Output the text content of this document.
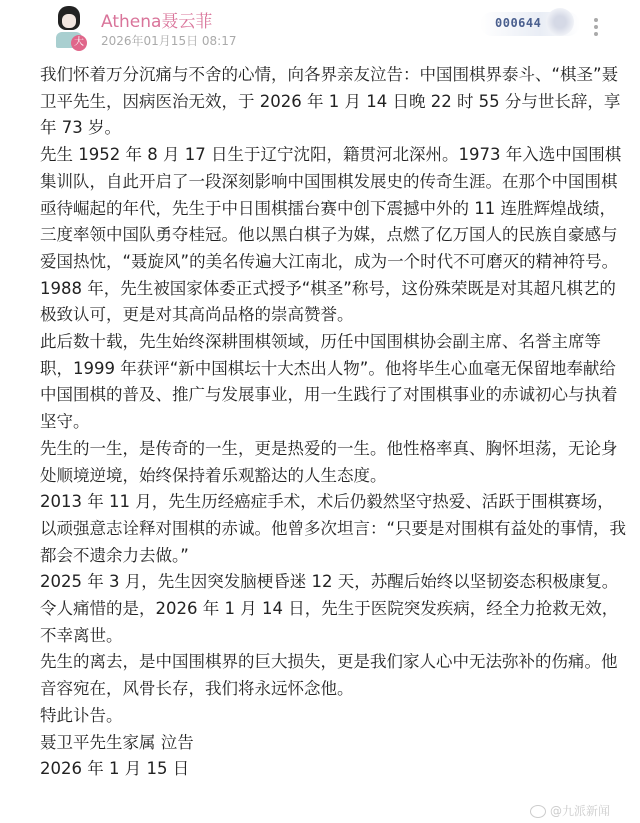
大
Athena聂云菲
2026年01月15日 08:17
000644

我们怀着万分沉痛与不舍的心情，向各界亲友泣告：中国围棋界泰斗、“棋圣”聂卫平先生，因病医治无效，于 2026 年 1 月 14 日晚 22 时 55 分与世长辞，享年 73 岁。

先生 1952 年 8 月 17 日生于辽宁沈阳，籍贯河北深州。1973 年入选中国围棋集训队，自此开启了一段深刻影响中国围棋发展史的传奇生涯。在那个中国围棋亟待崛起的年代，先生于中日围棋擂台赛中创下震撼中外的 11 连胜辉煌战绩，三度率领中国队勇夺桂冠。他以黑白棋子为媒，点燃了亿万国人的民族自豪感与爱国热忱，“聂旋风”的美名传遍大江南北，成为一个时代不可磨灭的精神符号。1988 年，先生被国家体委正式授予“棋圣”称号，这份殊荣既是对其超凡棋艺的极致认可，更是对其高尚品格的崇高赞誉。

此后数十载，先生始终深耕围棋领域，历任中国围棋协会副主席、名誉主席等职，1999 年获评“新中国棋坛十大杰出人物”。他将毕生心血毫无保留地奉献给中国围棋的普及、推广与发展事业，用一生践行了对围棋事业的赤诚初心与执着坚守。

先生的一生，是传奇的一生，更是热爱的一生。他性格率真、胸怀坦荡，无论身处顺境逆境，始终保持着乐观豁达的人生态度。

2013 年 11 月，先生历经癌症手术，术后仍毅然坚守热爱、活跃于围棋赛场，以顽强意志诠释对围棋的赤诚。他曾多次坦言：“只要是对围棋有益处的事情，我都会不遗余力去做。”

2025 年 3 月，先生因突发脑梗昏迷 12 天，苏醒后始终以坚韧姿态积极康复。

令人痛惜的是，2026 年 1 月 14 日，先生于医院突发疾病，经全力抢救无效，不幸离世。

先生的离去，是中国围棋界的巨大损失，更是我们家人心中无法弥补的伤痛。他音容宛在，风骨长存，我们将永远怀念他。

特此讣告。

聂卫平先生家属 泣告

2026 年 1 月 15 日

@九派新闻
